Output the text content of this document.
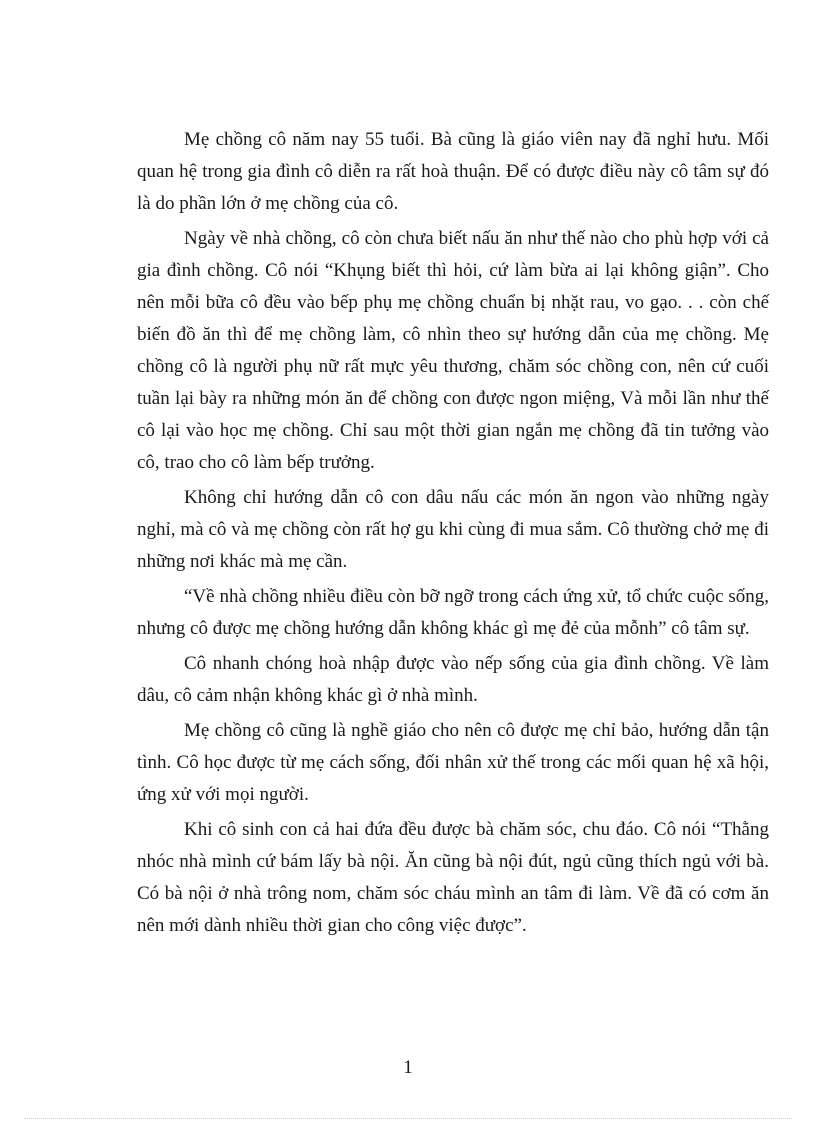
Mẹ chồng cô năm nay 55 tuổi. Bà cũng là giáo viên nay đã nghỉ hưu. Mối quan hệ trong gia đình cô diễn ra rất hoà thuận. Để có được điều này cô tâm sự đó là do phần lớn ở mẹ chồng của cô.

Ngày về nhà chồng, cô còn chưa biết nấu ăn như thế nào cho phù hợp với cả gia đình chồng. Cô nói “Khụng biết thì hỏi, cứ làm bừa ai lại không giận”. Cho nên mỗi bữa cô đều vào bếp phụ mẹ chồng chuẩn bị nhặt rau, vo gạo. . . còn chế biến đồ ăn thì để mẹ chồng làm, cô nhìn theo sự hướng dẫn của mẹ chồng. Mẹ chồng cô là người phụ nữ rất mực yêu thương, chăm sóc chồng con, nên cứ cuối tuần lại bày ra những món ăn để chồng con được ngon miệng, Và mỗi lần như thế cô lại vào học mẹ chồng. Chỉ sau một thời gian ngắn mẹ chồng đã tin tưởng vào cô, trao cho cô làm bếp trưởng.

Không chỉ hướng dẫn cô con dâu nấu các món ăn ngon vào những ngày nghỉ, mà cô và mẹ chồng còn rất hợ gu khi cùng đi mua sắm. Cô thường chở mẹ đi những nơi khác mà mẹ cần.

“Về nhà chồng nhiều điều còn bỡ ngỡ trong cách ứng xử, tổ chức cuộc sống, nhưng cô được mẹ chồng hướng dẫn không khác gì mẹ đẻ của mỗnh” cô tâm sự.

Cô nhanh chóng hoà nhập được vào nếp sống của gia đình chồng. Về làm dâu, cô cảm nhận không khác gì ở nhà mình.

Mẹ chồng cô cũng là nghề giáo cho nên cô được mẹ chỉ bảo, hướng dẫn tận tình. Cô học được từ mẹ cách sống, đối nhân xử thế trong các mối quan hệ xã hội, ứng xử với mọi người.

Khi cô sinh con cả hai đứa đều được bà chăm sóc, chu đáo. Cô nói “Thằng nhóc nhà mình cứ bám lấy bà nội. Ăn cũng bà nội đút, ngủ cũng thích ngủ với bà. Có bà nội ở nhà trông nom, chăm sóc cháu mình an tâm đi làm. Về đã có cơm ăn nên mới dành nhiều thời gian cho công việc được”.

1
